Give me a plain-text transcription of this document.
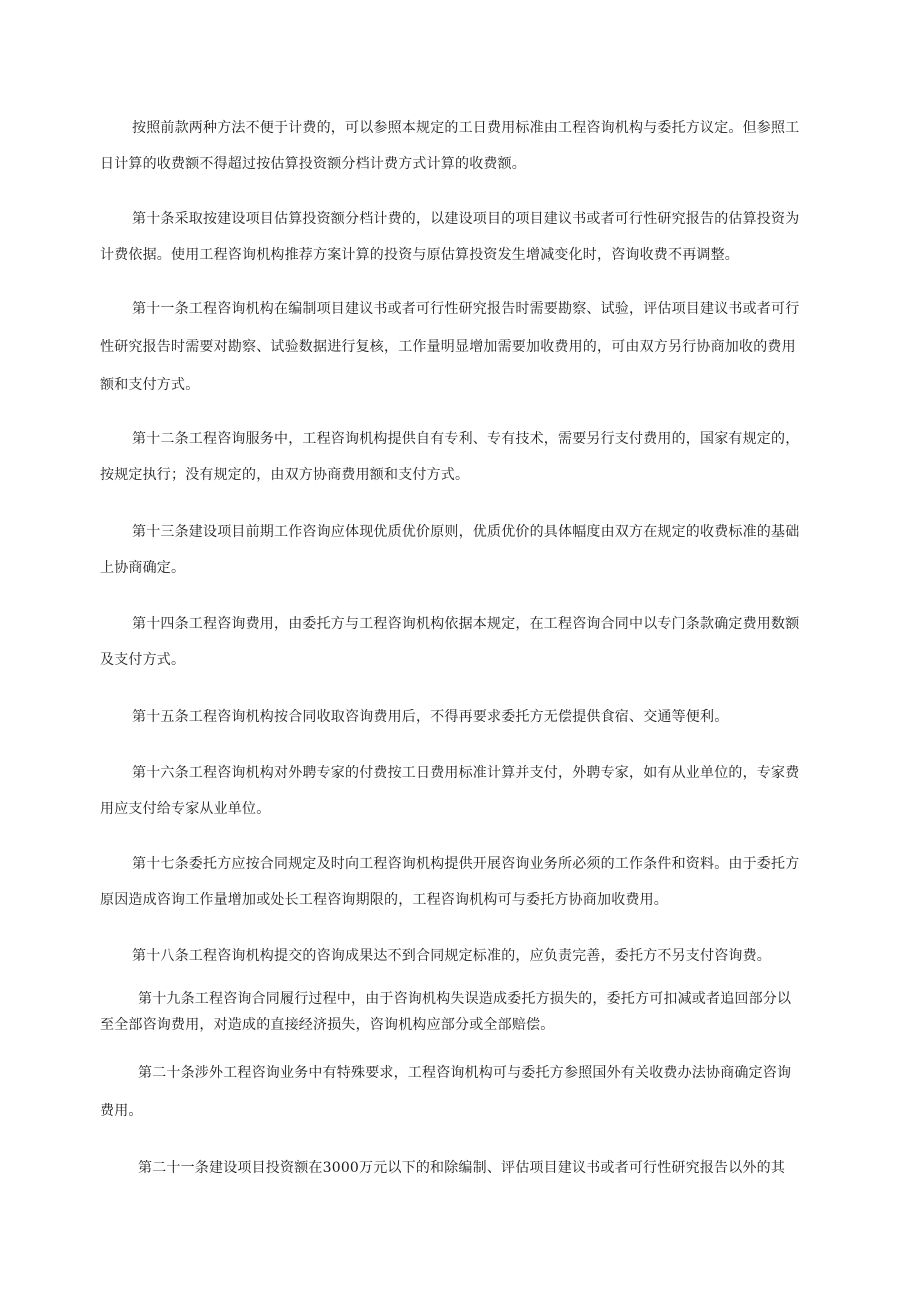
按照前款两种方法不便于计费的，可以参照本规定的工日费用标准由工程咨询机构与委托方议定。但参照工
日计算的收费额不得超过按估算投资额分档计费方式计算的收费额。
第十条采取按建设项目估算投资额分档计费的，以建设项目的项目建议书或者可行性研究报告的估算投资为
计费依据。使用工程咨询机构推荐方案计算的投资与原估算投资发生增减变化时，咨询收费不再调整。
第十一条工程咨询机构在编制项目建议书或者可行性研究报告时需要勘察、试验，评估项目建议书或者可行
性研究报告时需要对勘察、试验数据进行复核，工作量明显增加需要加收费用的，可由双方另行协商加收的费用
额和支付方式。
第十二条工程咨询服务中，工程咨询机构提供自有专利、专有技术，需要另行支付费用的，国家有规定的，
按规定执行；没有规定的，由双方协商费用额和支付方式。
第十三条建设项目前期工作咨询应体现优质优价原则，优质优价的具体幅度由双方在规定的收费标准的基础
上协商确定。
第十四条工程咨询费用，由委托方与工程咨询机构依据本规定，在工程咨询合同中以专门条款确定费用数额
及支付方式。
第十五条工程咨询机构按合同收取咨询费用后，不得再要求委托方无偿提供食宿、交通等便利。
第十六条工程咨询机构对外聘专家的付费按工日费用标准计算并支付，外聘专家，如有从业单位的，专家费
用应支付给专家从业单位。
第十七条委托方应按合同规定及时向工程咨询机构提供开展咨询业务所必须的工作条件和资料。由于委托方
原因造成咨询工作量增加或处长工程咨询期限的，工程咨询机构可与委托方协商加收费用。
第十八条工程咨询机构提交的咨询成果达不到合同规定标准的，应负责完善，委托方不另支付咨询费。
第十九条工程咨询合同履行过程中，由于咨询机构失误造成委托方损失的，委托方可扣减或者追回部分以
至全部咨询费用，对造成的直接经济损失，咨询机构应部分或全部赔偿。
第二十条涉外工程咨询业务中有特殊要求，工程咨询机构可与委托方参照国外有关收费办法协商确定咨询
费用。
第二十一条建设项目投资额在3000万元以下的和除编制、评估项目建议书或者可行性研究报告以外的其
